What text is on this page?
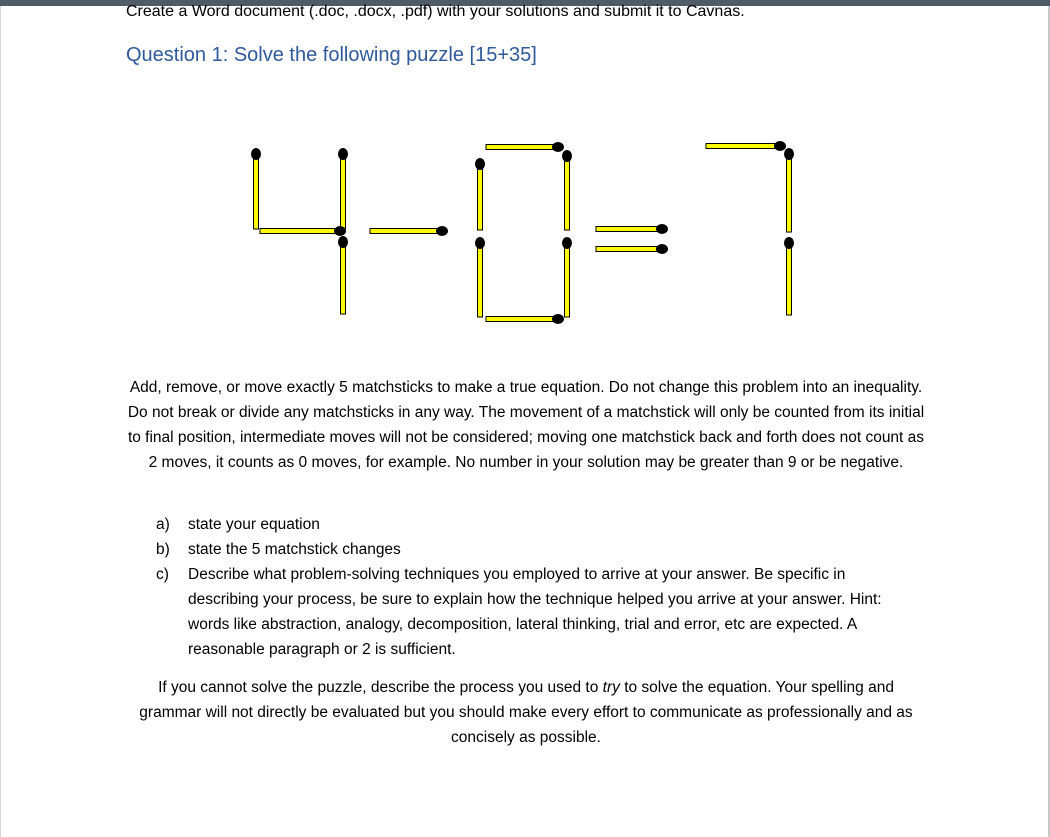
Create a Word document (.doc, .docx, .pdf) with your solutions and submit it to Cavnas.
Question 1: Solve the following puzzle [15+35]

Add, remove, or move exactly 5 matchsticks to make a true equation. Do not change this problem into an inequality. Do not break or divide any matchsticks in any way. The movement of a matchstick will only be counted from its initial to final position, intermediate moves will not be considered; moving one matchstick back and forth does not count as 2 moves, it counts as 0 moves, for example. No number in your solution may be greater than 9 or be negative.

a)	state your equation
b)	state the 5 matchstick changes
c)	Describe what problem-solving techniques you employed to arrive at your answer. Be specific in describing your process, be sure to explain how the technique helped you arrive at your answer. Hint: words like abstraction, analogy, decomposition, lateral thinking, trial and error, etc are expected. A reasonable paragraph or 2 is sufficient.

If you cannot solve the puzzle, describe the process you used to try to solve the equation. Your spelling and grammar will not directly be evaluated but you should make every effort to communicate as professionally and as concisely as possible.
